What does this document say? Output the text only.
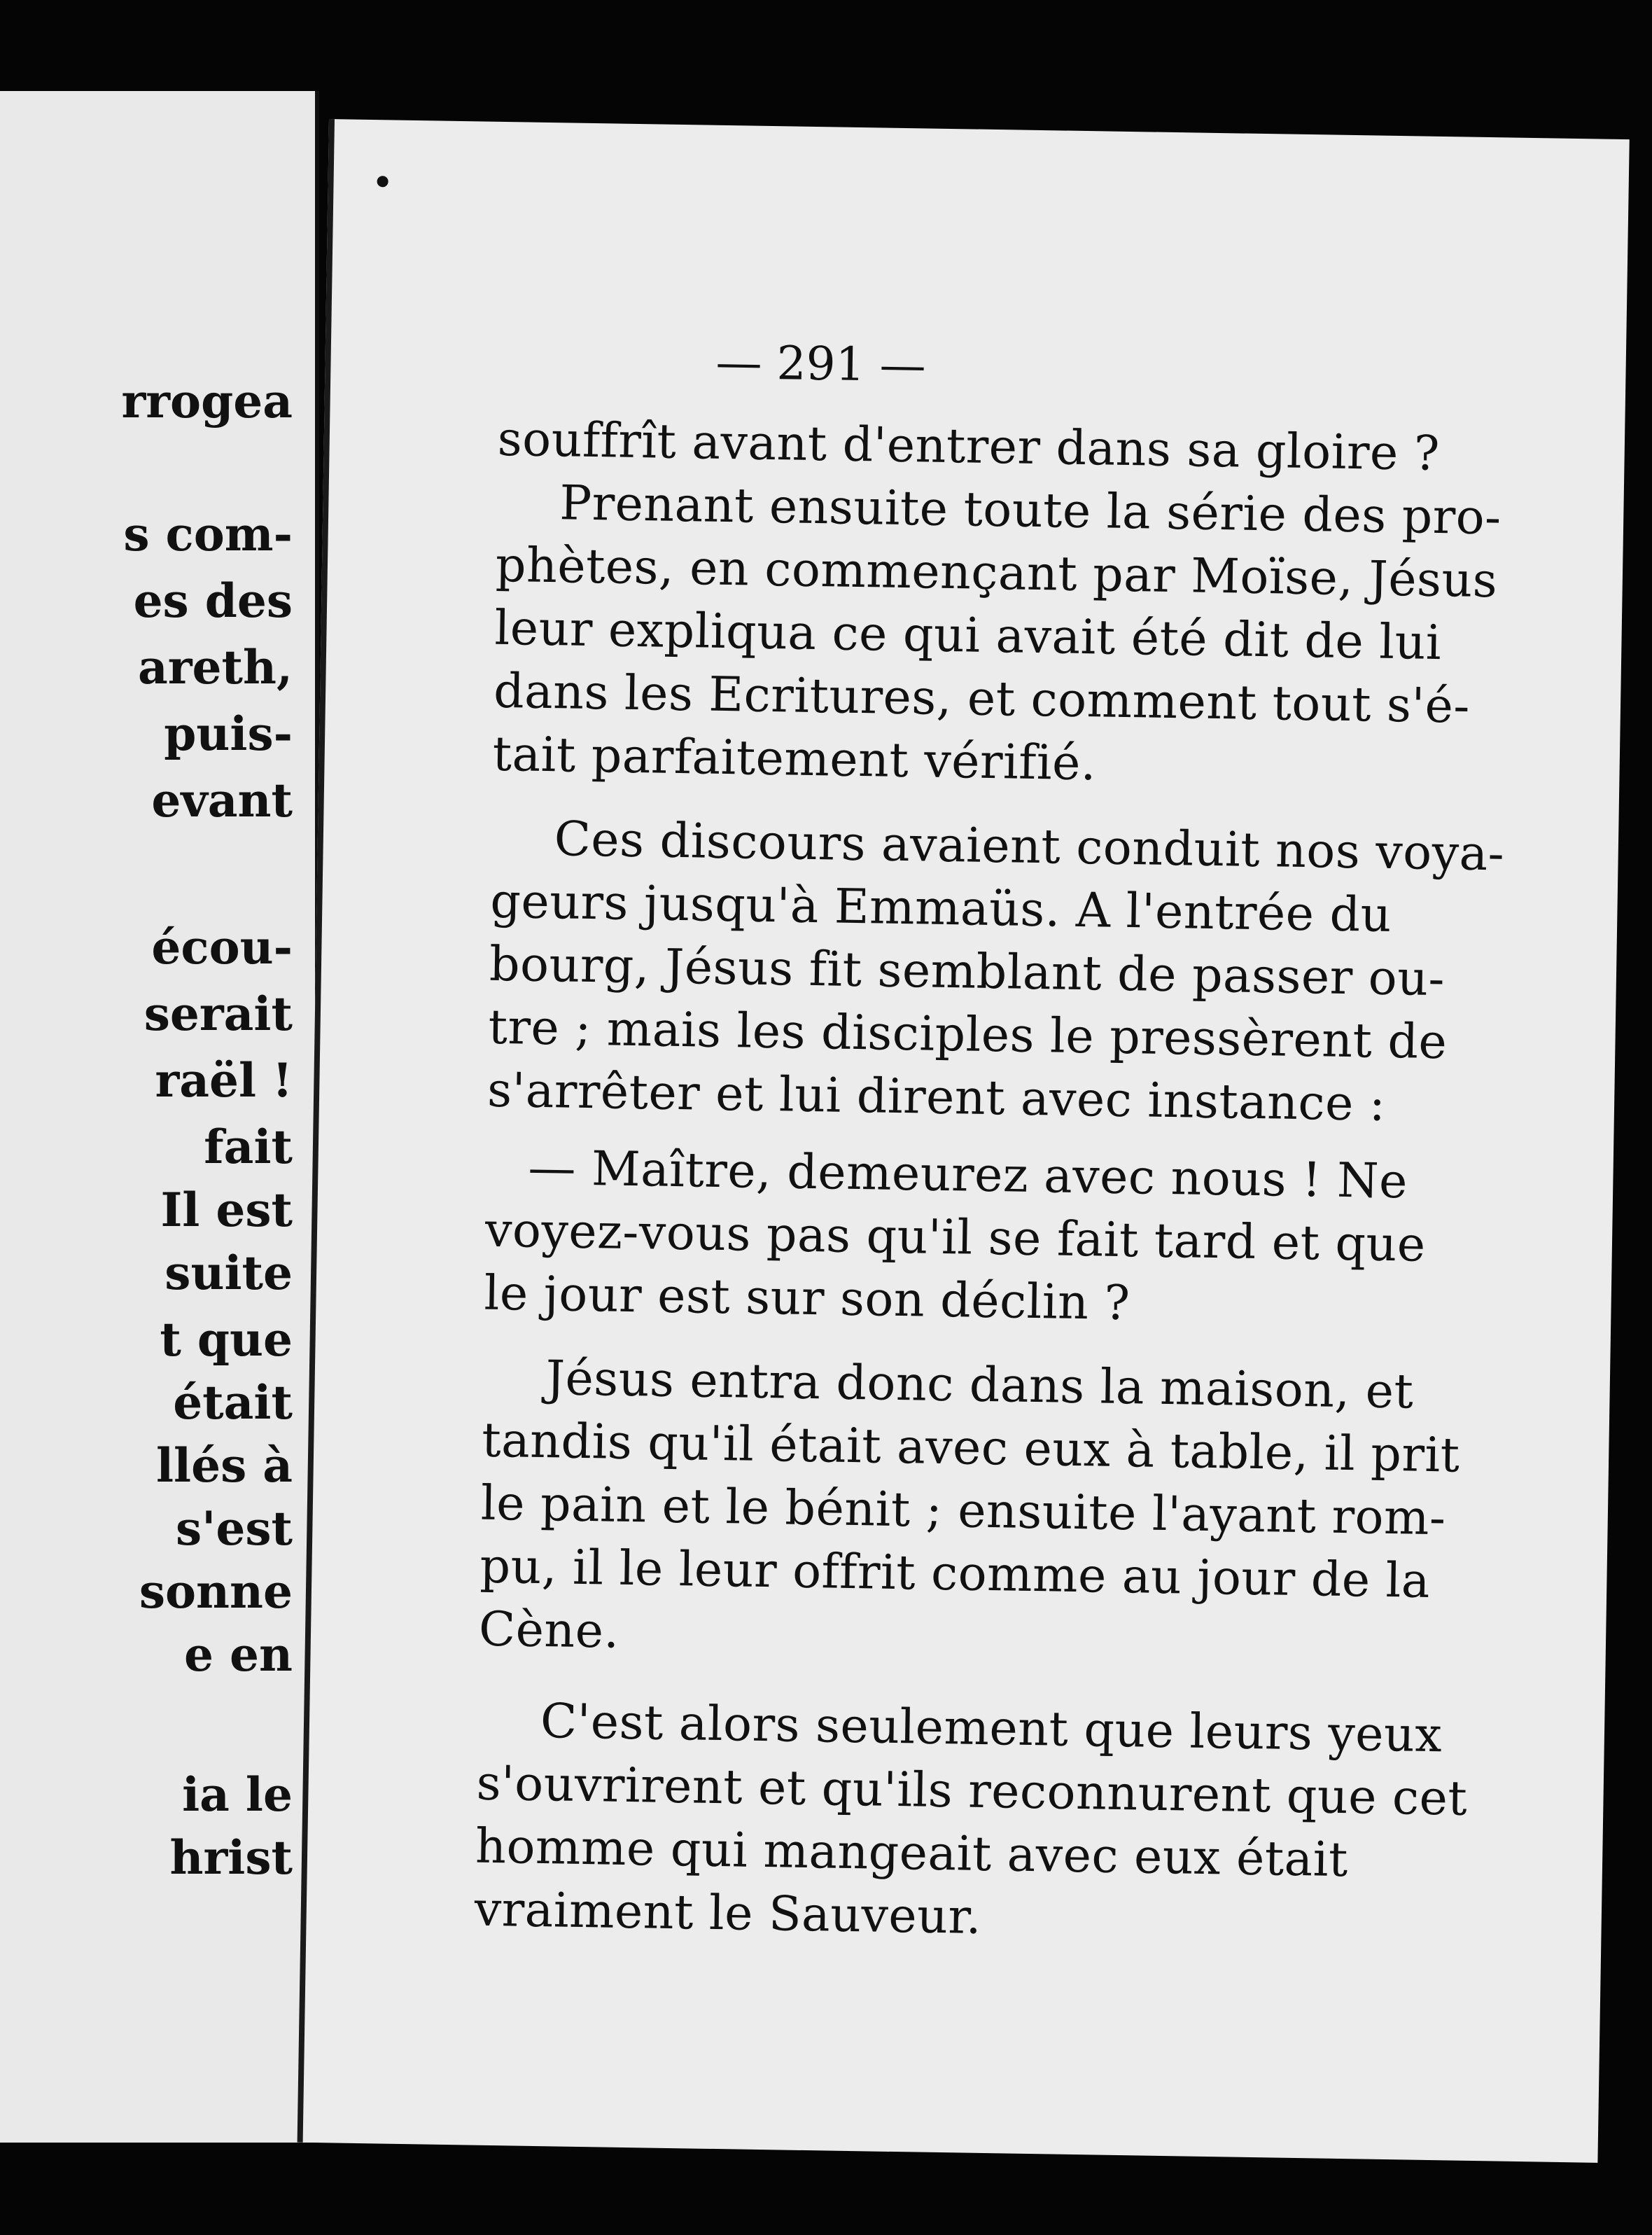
rrogea
s com-
es des
areth,
puis-
evant
écou-
serait
raël !
fait
Il est
suite
t que
était
llés à
s'est
sonne
e en
ia le
hrist
— 291 —
souffrît avant d'entrer dans sa gloire ?
Prenant ensuite toute la série des pro-
phètes, en commençant par Moïse, Jésus
leur expliqua ce qui avait été dit de lui
dans les Ecritures, et comment tout s'é-
tait parfaitement vérifié.
Ces discours avaient conduit nos voya-
geurs jusqu'à Emmaüs. A l'entrée du
bourg, Jésus fit semblant de passer ou-
tre ; mais les disciples le pressèrent de
s'arrêter et lui dirent avec instance :
— Maître, demeurez avec nous ! Ne
voyez-vous pas qu'il se fait tard et que
le jour est sur son déclin ?
Jésus entra donc dans la maison, et
tandis qu'il était avec eux à table, il prit
le pain et le bénit ; ensuite l'ayant rom-
pu, il le leur offrit comme au jour de la
Cène.
C'est alors seulement que leurs yeux
s'ouvrirent et qu'ils reconnurent que cet
homme qui mangeait avec eux était
vraiment le Sauveur.
